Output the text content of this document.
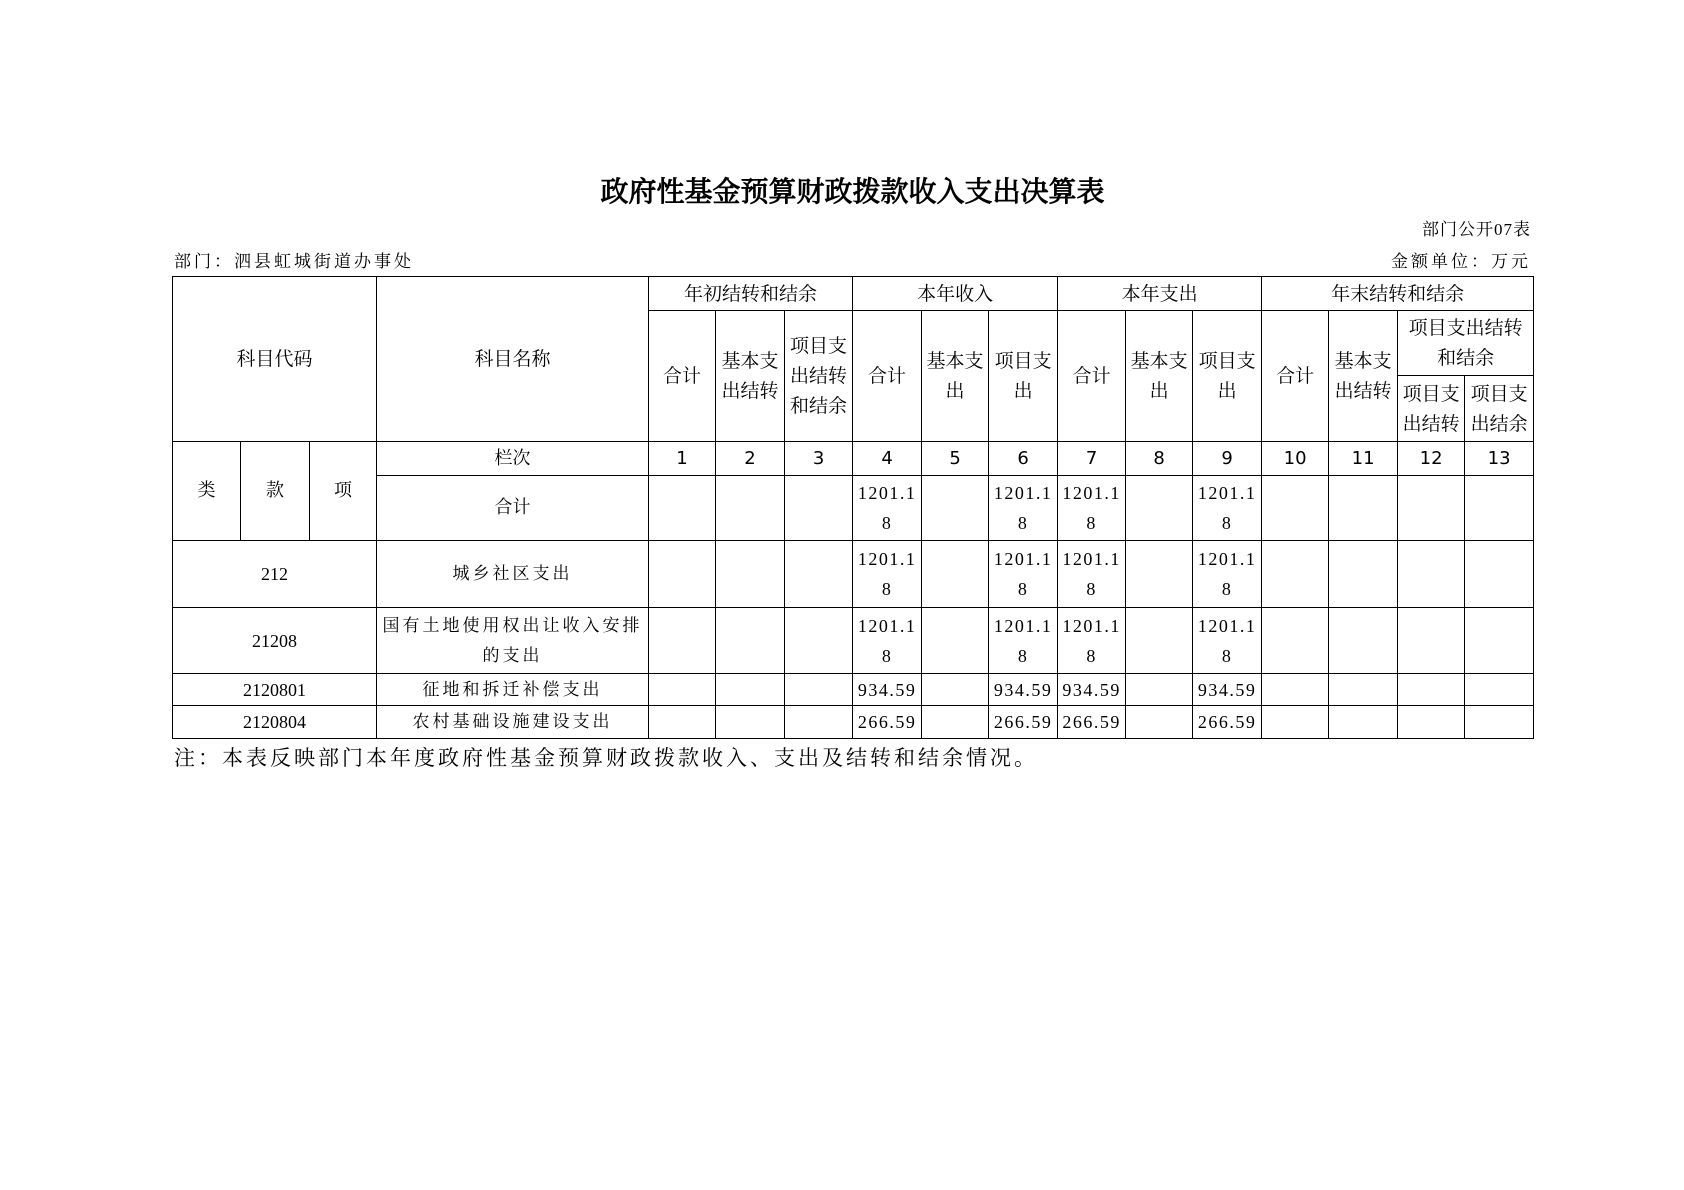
政府性基金预算财政拨款收入支出决算表
部门公开07表
部门：泗县虹城街道办事处	金额单位：万元
科目代码			科目名称	年初结转和结余			本年收入			本年支出			年末结转和结余			
				合计	基本支出结转	项目支出结转和结余	合计	基本支出	项目支出	合计	基本支出	项目支出	合计	基本支出结转	项目支出结转和结余	
															项目支出结转	项目支出结余
类	款	项	栏次	1	2	3	4	5	6	7	8	9	10	11	12	13
			合计				1201.18		1201.18	1201.18		1201.18				
212			城乡社区支出				1201.18		1201.18	1201.18		1201.18				
21208			国有土地使用权出让收入安排的支出				1201.18		1201.18	1201.18		1201.18				
2120801			征地和拆迁补偿支出				934.59		934.59	934.59		934.59				
2120804			农村基础设施建设支出				266.59		266.59	266.59		266.59				
注：本表反映部门本年度政府性基金预算财政拨款收入、支出及结转和结余情况。
